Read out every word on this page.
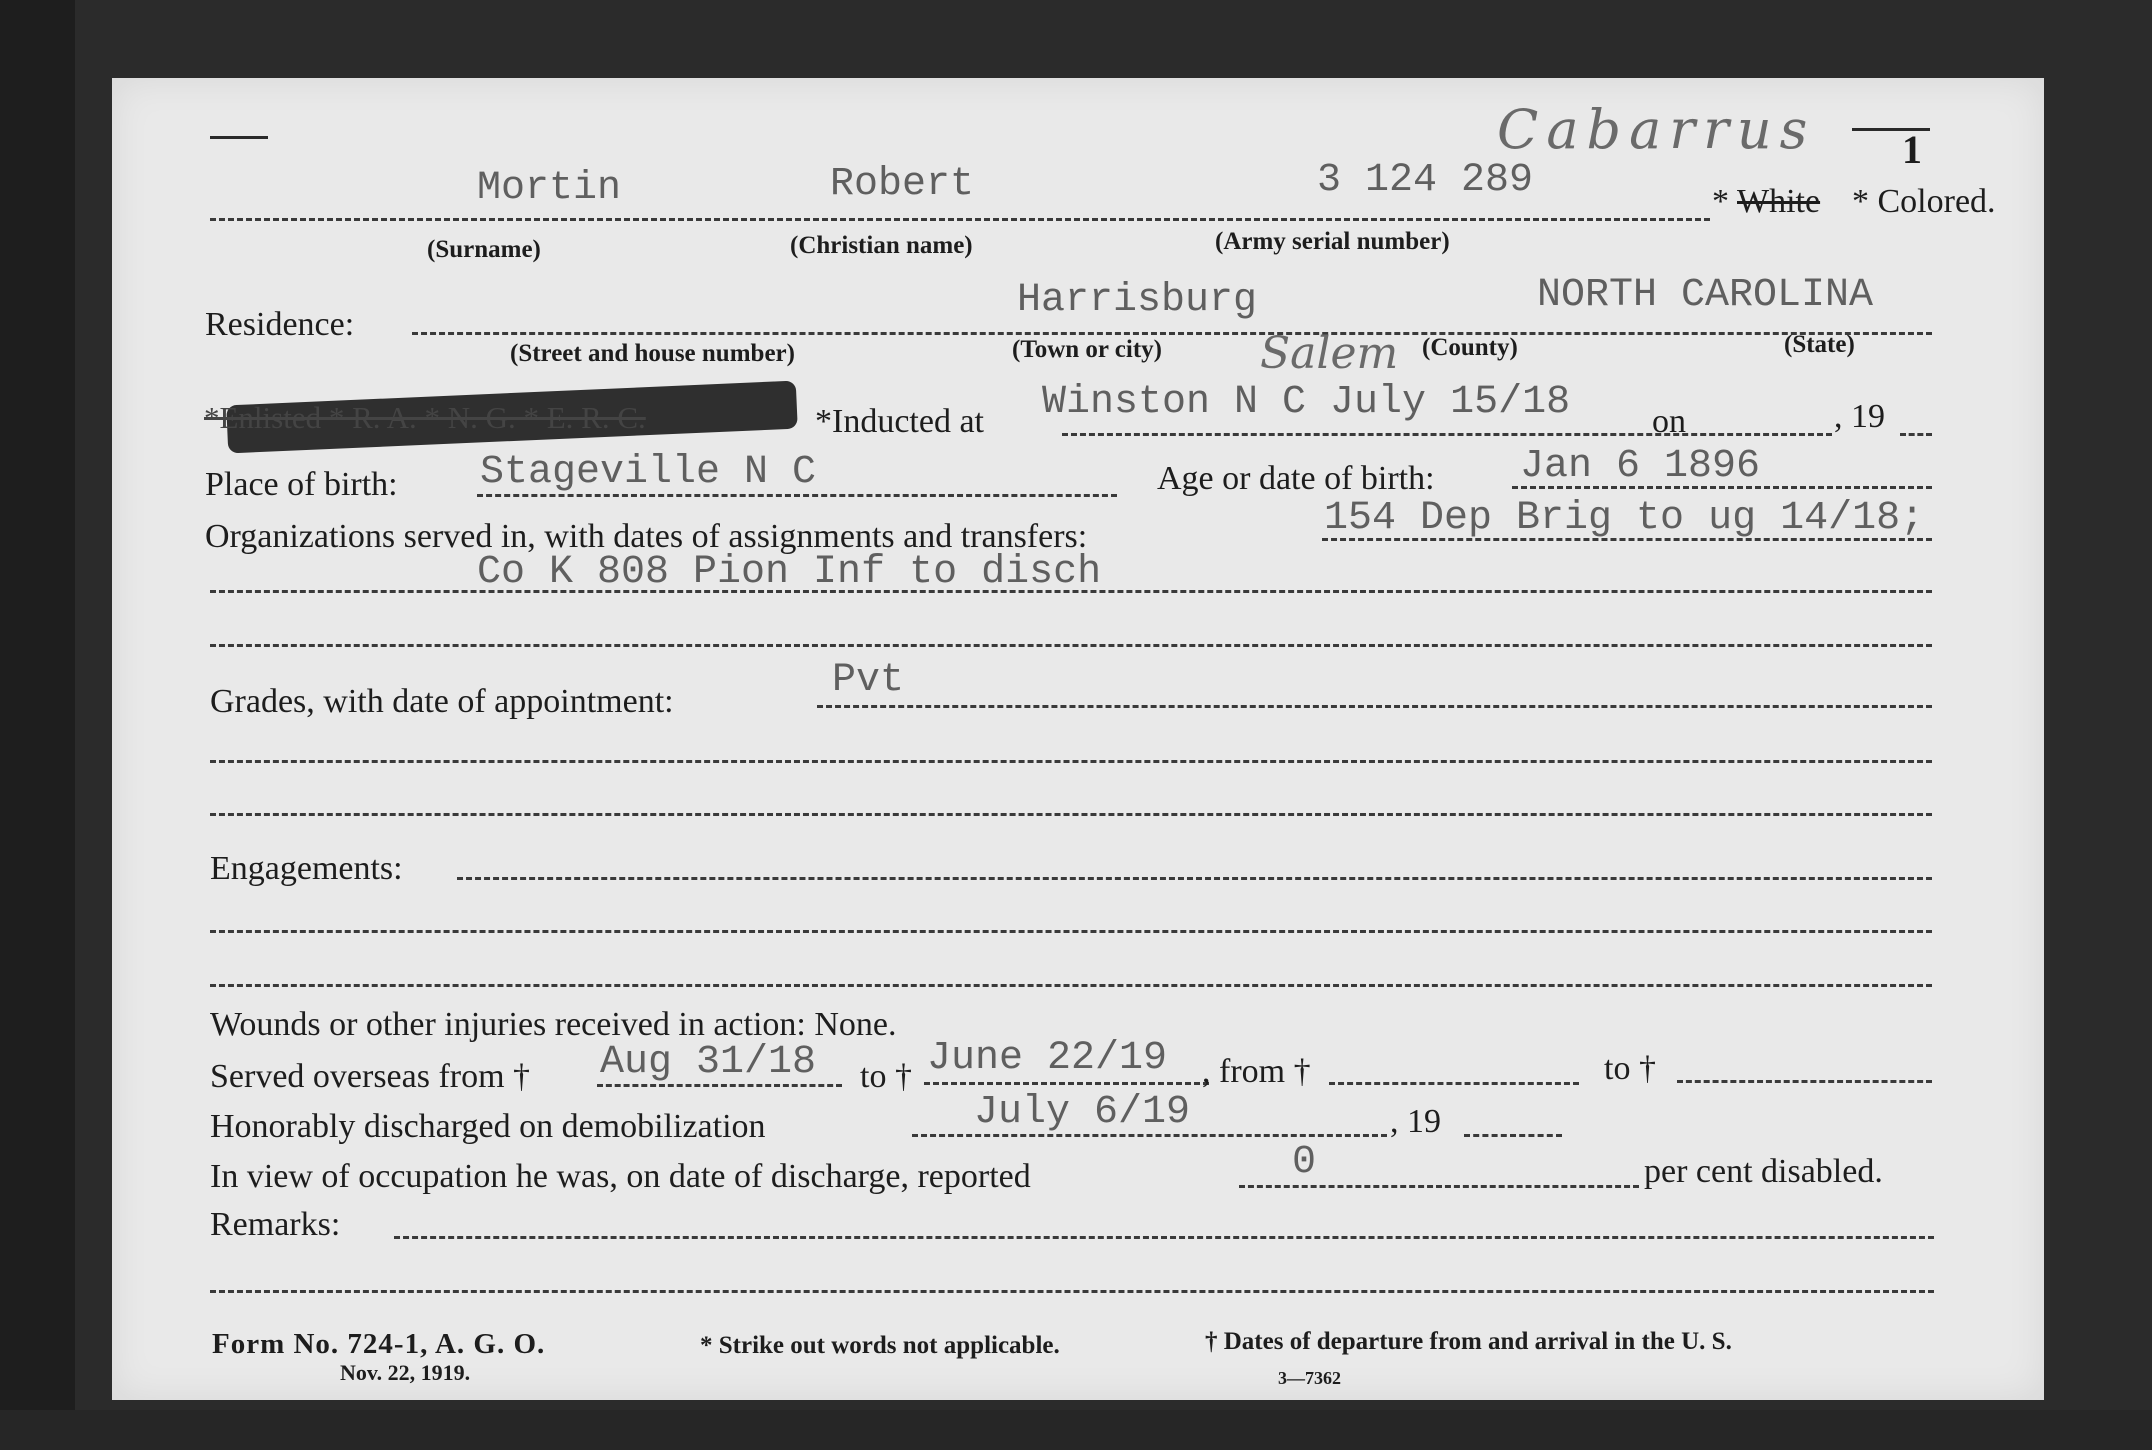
Cabarrus 1
Mortin	Robert	3 124 289	* White * Colored.
(Surname)	(Christian name)	(Army serial number)
Residence:
Harrisburg	NORTH CAROLINA
(Street and house number)	(Town or city)	(County)	(State)
Salem
*Enlisted * R. A. * N. G. * E. R. C.	*Inducted at Winston N C July 15/18 on	, 19
Place of birth: Stageville N C	Age or date of birth: Jan 6 1896
Organizations served in, with dates of assignments and transfers:	154 Dep Brig to ug 14/18;
Co K 808 Pion Inf to disch
Grades, with date of appointment:	Pvt
Engagements:
Wounds or other injuries received in action: None.
Served overseas from † Aug 31/18 to † June 22/19 , from †	to †
Honorably discharged on demobilization	July 6/19	, 19
In view of occupation he was, on date of discharge, reported	0	per cent disabled.
Remarks:
Form No. 724-1, A. G. O.
Nov. 22, 1919.
* Strike out words not applicable.	† Dates of departure from and arrival in the U. S.
3—7362
